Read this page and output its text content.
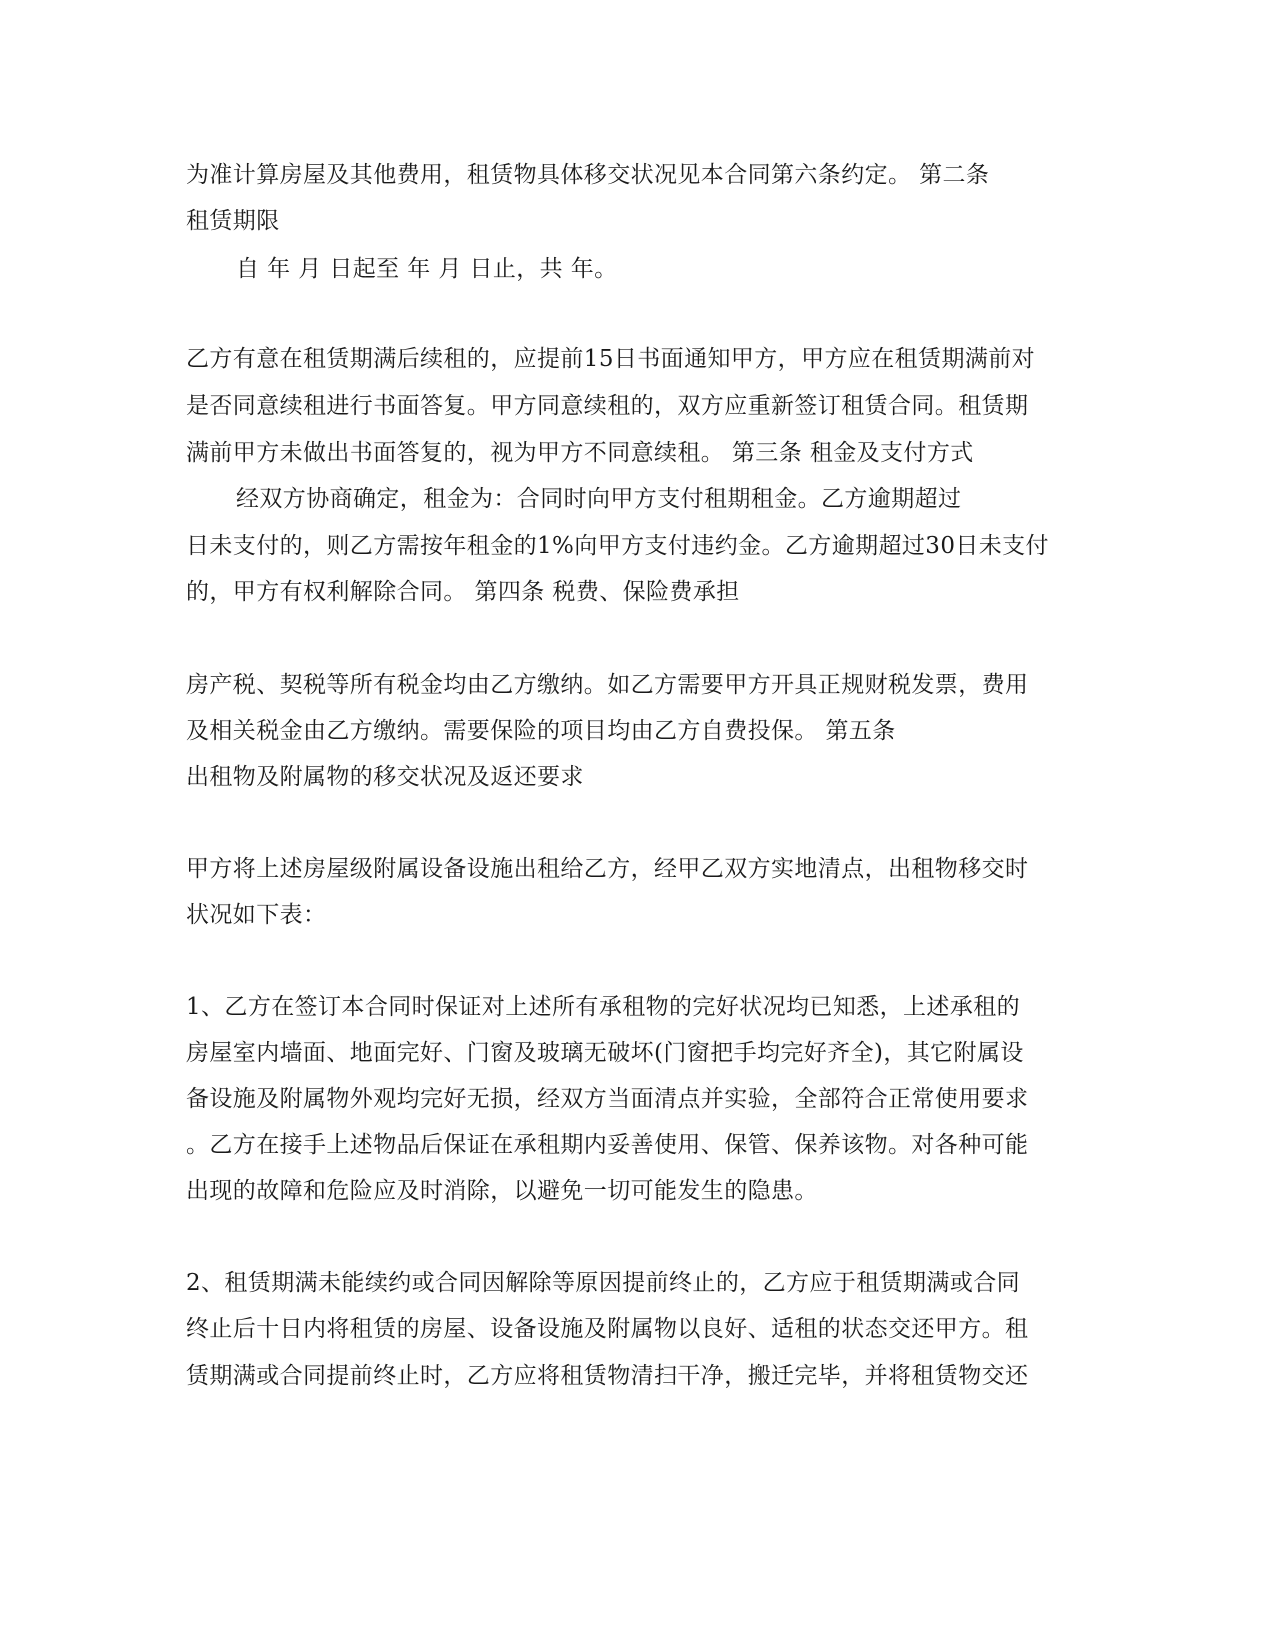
为准计算房屋及其他费用，租赁物具体移交状况见本合同第六条约定。 第二条
租赁期限
自 年 月 日起至 年 月 日止，共 年。
乙方有意在租赁期满后续租的，应提前15日书面通知甲方，甲方应在租赁期满前对
是否同意续租进行书面答复。甲方同意续租的，双方应重新签订租赁合同。租赁期
满前甲方未做出书面答复的，视为甲方不同意续租。 第三条 租金及支付方式
经双方协商确定，租金为：合同时向甲方支付租期租金。乙方逾期超过
日未支付的，则乙方需按年租金的1%向甲方支付违约金。乙方逾期超过30日未支付
的，甲方有权利解除合同。 第四条 税费、保险费承担
房产税、契税等所有税金均由乙方缴纳。如乙方需要甲方开具正规财税发票，费用
及相关税金由乙方缴纳。需要保险的项目均由乙方自费投保。 第五条
出租物及附属物的移交状况及返还要求
甲方将上述房屋级附属设备设施出租给乙方，经甲乙双方实地清点，出租物移交时
状况如下表：
1、乙方在签订本合同时保证对上述所有承租物的完好状况均已知悉，上述承租的
房屋室内墙面、地面完好、门窗及玻璃无破坏(门窗把手均完好齐全)，其它附属设
备设施及附属物外观均完好无损，经双方当面清点并实验，全部符合正常使用要求
。乙方在接手上述物品后保证在承租期内妥善使用、保管、保养该物。对各种可能
出现的故障和危险应及时消除，以避免一切可能发生的隐患。
2、租赁期满未能续约或合同因解除等原因提前终止的，乙方应于租赁期满或合同
终止后十日内将租赁的房屋、设备设施及附属物以良好、适租的状态交还甲方。租
赁期满或合同提前终止时，乙方应将租赁物清扫干净，搬迁完毕，并将租赁物交还
